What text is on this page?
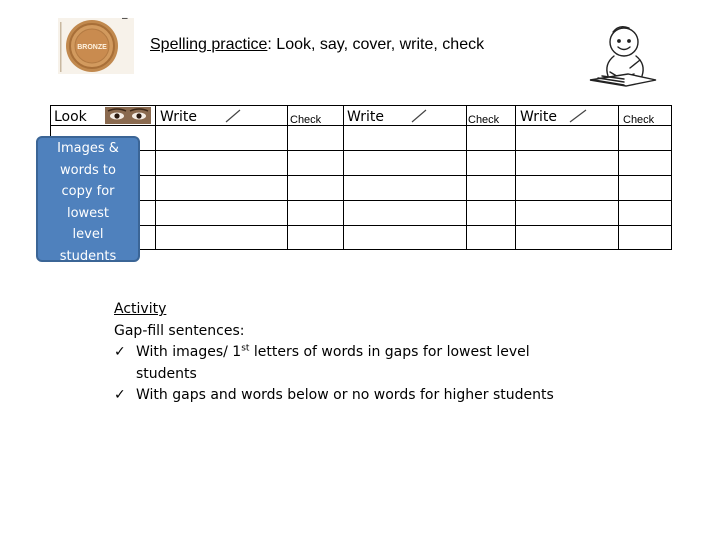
BRONZE
–
Spelling practice: Look, say, cover, write, check
Look	Write	Check Write	Check Write	Check
Images &
words to
copy for
lowest
level
students
Activity
Gap-fill sentences:
✓ With images/ 1st letters of words in gaps for lowest level
students
✓ With gaps and words below or no words for higher students
